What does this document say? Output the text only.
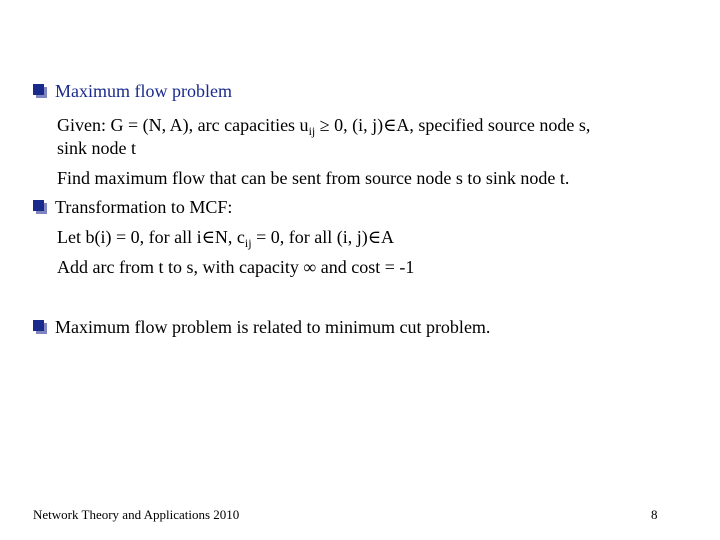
Maximum flow problem
Given: G = (N, A), arc capacities $u_{ij} \ge 0$, (i, j)∈A, specified source node s,
sink node t
Find maximum flow that can be sent from source node s to sink node t.
Transformation to MCF:
Let b(i) = 0, for all i∈N, $c_{ij} = 0$, for all (i, j)∈A
Add arc from t to s, with capacity ∞ and cost = -1
Maximum flow problem is related to minimum cut problem.
Network Theory and Applications 2010	8
